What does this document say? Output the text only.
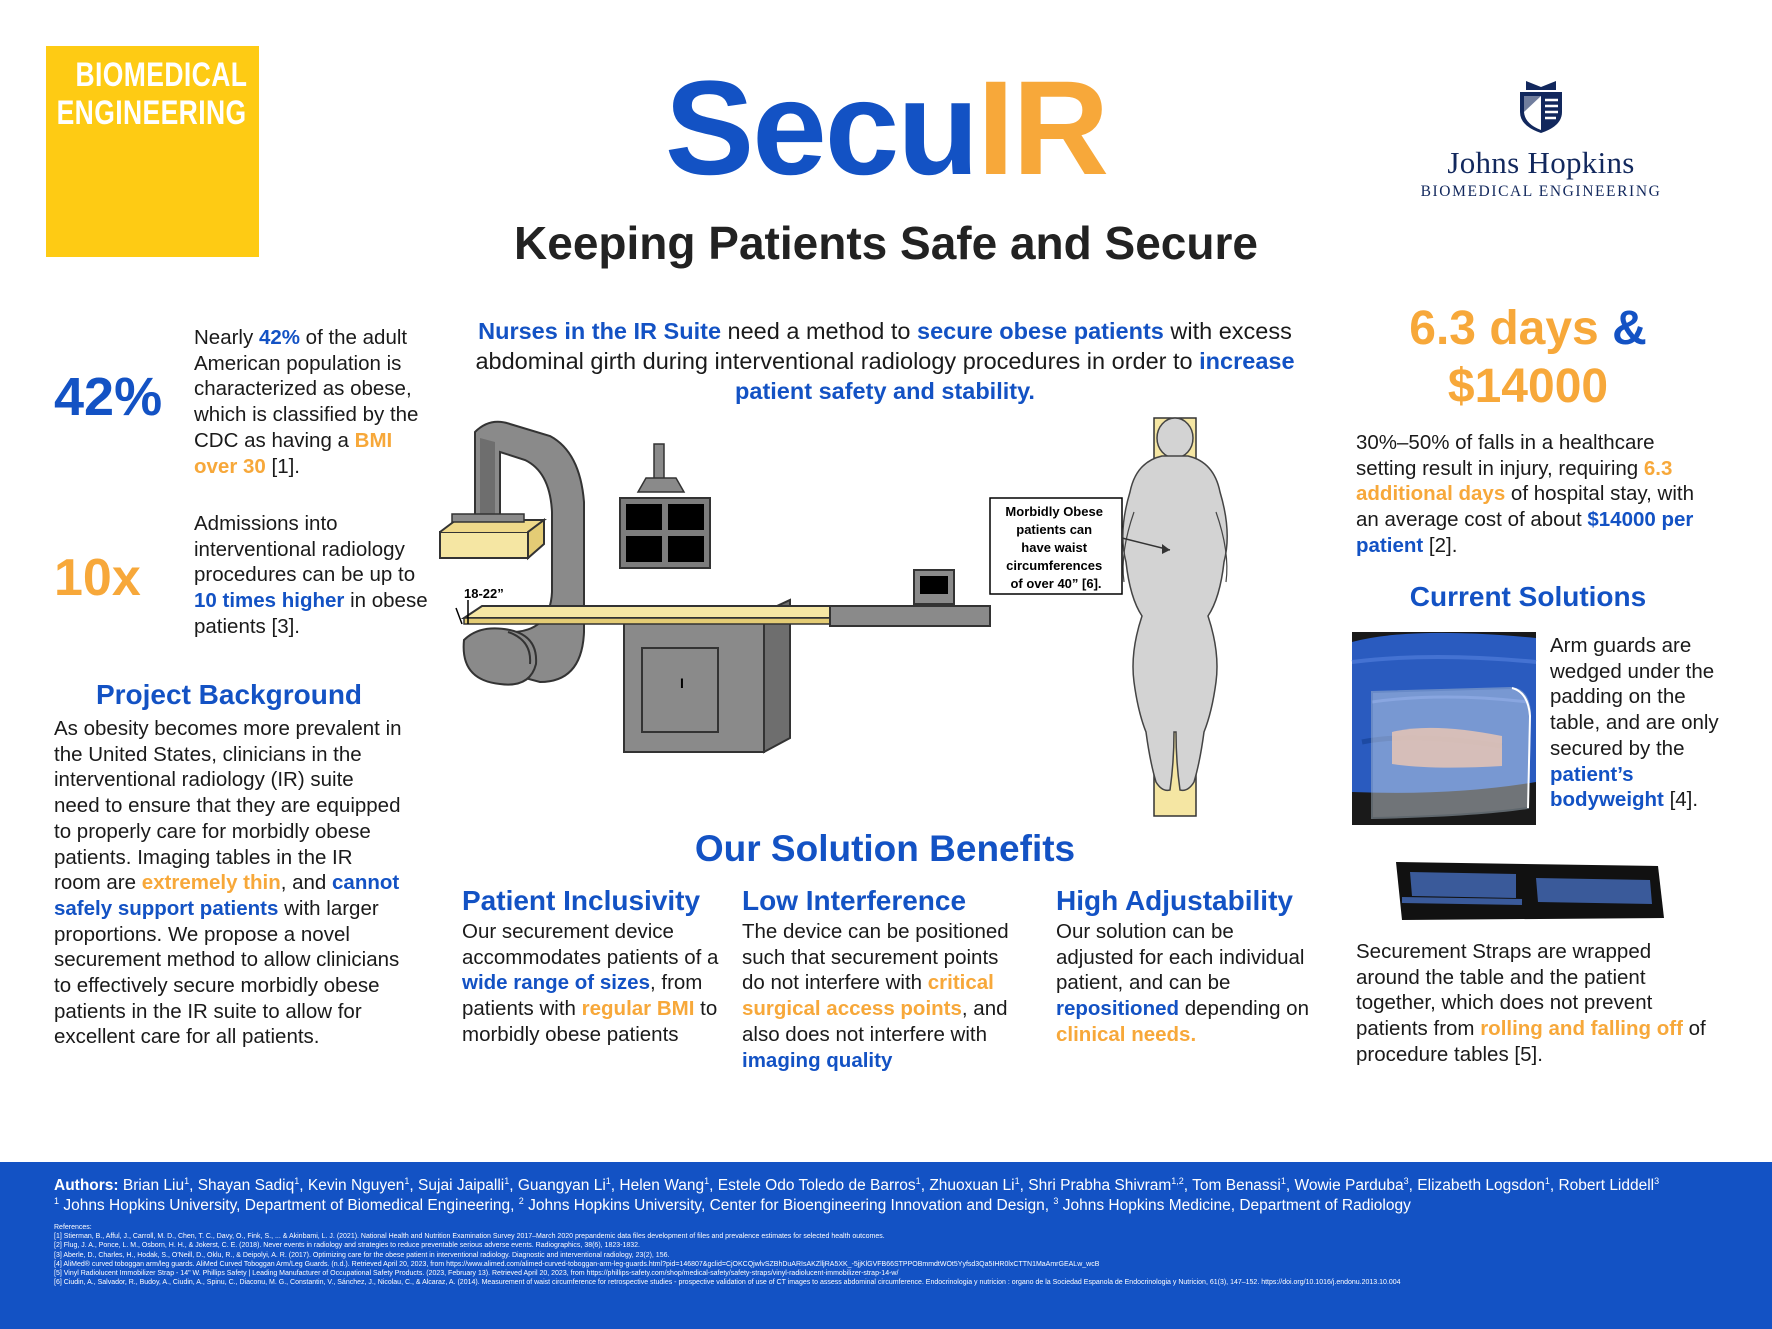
BIOMEDICAL
ENGINEERING	SecuIR
Keeping Patients Safe and Secure
Johns Hopkins
BIOMEDICAL ENGINEERING
42%
Nearly 42% of the adult American population is characterized as obese, which is classified by the CDC as having a BMI over 30 [1].
10x
Admissions into interventional radiology procedures can be up to 10 times higher in obese patients [3].
Project Background
As obesity becomes more prevalent in the United States, clinicians in the interventional radiology (IR) suite need to ensure that they are equipped to properly care for morbidly obese patients. Imaging tables in the IR room are extremely thin, and cannot safely support patients with larger proportions. We propose a novel securement method to allow clinicians to effectively secure morbidly obese patients in the IR suite to allow for excellent care for all patients.
Nurses in the IR Suite need a method to secure obese patients with excess abdominal girth during interventional radiology procedures in order to increase patient safety and stability.
I
18-22”
Morbidly Obese patients can have waist circumferences of over 40” [6].
Our Solution Benefits
Patient Inclusivity
Our securement device accommodates patients of a wide range of sizes, from patients with regular BMI to morbidly obese patients
Low Interference
The device can be positioned such that securement points do not interfere with critical surgical access points, and also does not interfere with imaging quality
High Adjustability
Our solution can be adjusted for each individual patient, and can be repositioned depending on clinical needs.
6.3 days &
$14000
30%–50% of falls in a healthcare setting result in injury, requiring 6.3 additional days of hospital stay, with an average cost of about $14000 per patient [2].
Current Solutions
Arm guards are wedged under the padding on the table, and are only secured by the patient’s bodyweight [4].
Securement Straps are wrapped around the table and the patient together, which does not prevent patients from rolling and falling off of procedure tables [5].
Authors: Brian Liu$^1$, Shayan Sadiq$^1$, Kevin Nguyen$^1$, Sujai Jaipalli$^1$, Guangyan Li$^1$, Helen Wang$^1$, Estele Odo Toledo de Barros$^1$, Zhuoxuan Li$^1$, Shri Prabha Shivram$^{1,2}$, Tom Benassi$^1$, Wowie Parduba$^3$, Elizabeth Logsdon$^1$, Robert Liddell$^3$
$^1$ Johns Hopkins University, Department of Biomedical Engineering, $^2$ Johns Hopkins University, Center for Bioengineering Innovation and Design, $^3$ Johns Hopkins Medicine, Department of Radiology
References:
[1] Stierman, B., Afful, J., Carroll, M. D., Chen, T. C., Davy, O., Fink, S., ... & Akinbami, L. J. (2021). National Health and Nutrition Examination Survey 2017–March 2020 prepandemic data files development of files and prevalence estimates for selected health outcomes.
[2] Flug, J. A., Ponce, L. M., Osborn, H. H., & Jokerst, C. E. (2018). Never events in radiology and strategies to reduce preventable serious adverse events. Radiographics, 38(6), 1823-1832.
[3] Aberle, D., Charles, H., Hodak, S., O'Neill, D., Oklu, R., & Deipolyi, A. R. (2017). Optimizing care for the obese patient in interventional radiology. Diagnostic and interventional radiology, 23(2), 156.
[4] AliMed® curved toboggan arm/leg guards. AliMed Curved Toboggan Arm/Leg Guards. (n.d.). Retrieved April 20, 2023, from https://www.alimed.com/alimed-curved-toboggan-arm-leg-guards.html?pid=146807&gclid=CjOKCQjwlvSZBhDuARIsAKZlljRA5XK_-5jjKlGVFB66STPPOBmmdtWOt5Yyfsd3Qa5IHR0lxCTTN1MaAmrGEALw_wcB
[5] Vinyl Radiolucent Immobilizer Strap - 14" W. Phillips Safety | Leading Manufacturer of Occupational Safety Products. (2023, February 13). Retrieved April 20, 2023, from https://phillips-safety.com/shop/medical-safety/safety-straps/vinyl-radiolucent-immobilizer-strap-14-w/
[6] Ciudin, A., Salvador, R., Budoy, A., Ciudin, A., Spinu, C., Diaconu, M. G., Constantin, V., Sánchez, J., Nicolau, C., & Alcaraz, A. (2014). Measurement of waist circumference for retrospective studies - prospective validation of use of CT images to assess abdominal circumference. Endocrinologia y nutricion : organo de la Sociedad Espanola de Endocrinologia y Nutricion, 61(3), 147–152. https://doi.org/10.1016/j.endonu.2013.10.004
